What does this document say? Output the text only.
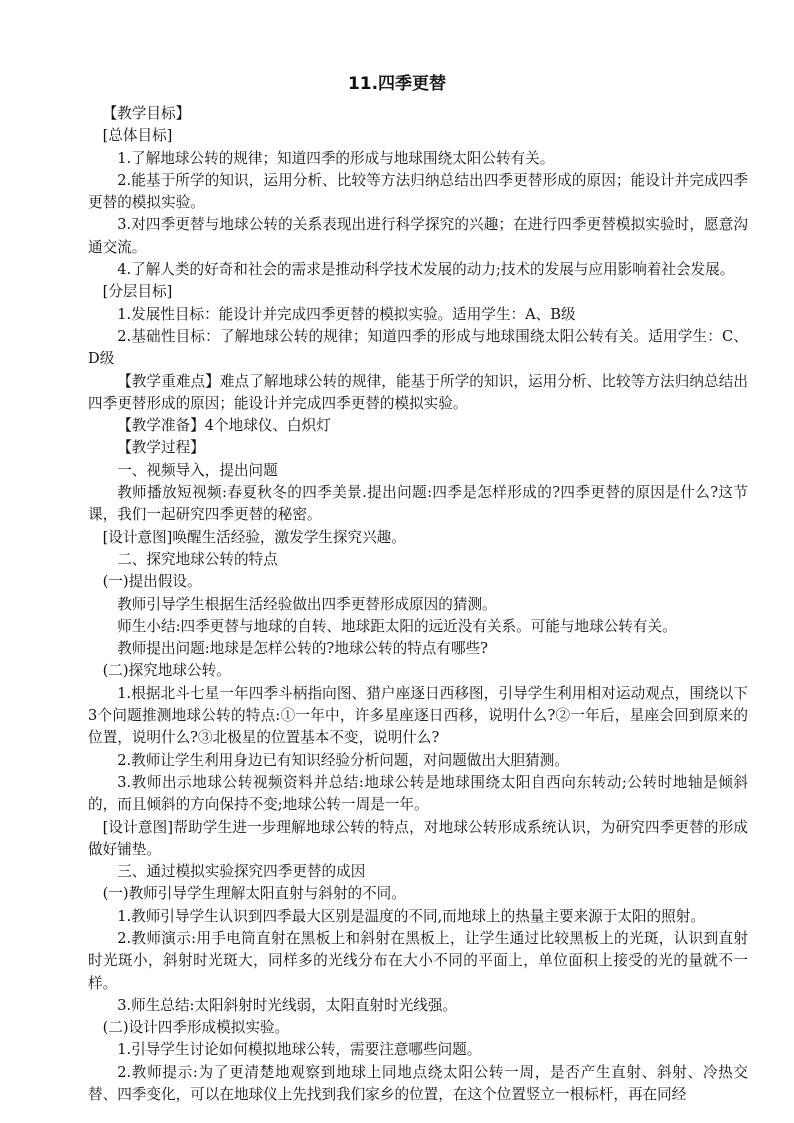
11.四季更替

【教学目标】

[总体目标]

1.了解地球公转的规律；知道四季的形成与地球围绕太阳公转有关。

2.能基于所学的知识，运用分析、比较等方法归纳总结出四季更替形成的原因；能设计并完成四季更替的模拟实验。

3.对四季更替与地球公转的关系表现出进行科学探究的兴趣；在进行四季更替模拟实验时，愿意沟通交流。

4.了解人类的好奇和社会的需求是推动科学技术发展的动力;技术的发展与应用影响着社会发展。

[分层目标]

1.发展性目标：能设计并完成四季更替的模拟实验。适用学生：A、B级

2.基础性目标：了解地球公转的规律；知道四季的形成与地球围绕太阳公转有关。适用学生：C、D级

【教学重难点】难点了解地球公转的规律，能基于所学的知识，运用分析、比较等方法归纳总结出四季更替形成的原因；能设计并完成四季更替的模拟实验。

【教学准备】4个地球仪、白炽灯

【教学过程】

一、视频导入，提出问题

教师播放短视频:春夏秋冬的四季美景.提出问题:四季是怎样形成的?四季更替的原因是什么?这节课，我们一起研究四季更替的秘密。

[设计意图]唤醒生活经验，激发学生探究兴趣。

二、探究地球公转的特点

(一)提出假设。

教师引导学生根据生活经验做出四季更替形成原因的猜测。

师生小结:四季更替与地球的自转、地球距太阳的远近没有关系。可能与地球公转有关。

教师提出问题:地球是怎样公转的?地球公转的特点有哪些?

(二)探究地球公转。

1.根据北斗七星一年四季斗柄指向图、猎户座逐日西移图，引导学生利用相对运动观点，围绕以下3个问题推测地球公转的特点:①一年中，许多星座逐日西移，说明什么?②一年后，星座会回到原来的位置，说明什么?③北极星的位置基本不变，说明什么?

2.教师让学生利用身边已有知识经验分析问题，对问题做出大胆猜测。

3.教师出示地球公转视频资料并总结:地球公转是地球围绕太阳自西向东转动;公转时地轴是倾斜的，而且倾斜的方向保持不变;地球公转一周是一年。

[设计意图]帮助学生进一步理解地球公转的特点，对地球公转形成系统认识，为研究四季更替的形成做好铺垫。

三、通过模拟实验探究四季更替的成因

(一)教师引导学生理解太阳直射与斜射的不同。

1.教师引导学生认识到四季最大区别是温度的不同,而地球上的热量主要来源于太阳的照射。

2.教师演示:用手电筒直射在黑板上和斜射在黑板上，让学生通过比较黑板上的光斑，认识到直射时光斑小，斜射时光斑大，同样多的光线分布在大小不同的平面上，单位面积上接受的光的量就不一样。

3.师生总结:太阳斜射时光线弱，太阳直射时光线强。

(二)设计四季形成模拟实验。

1.引导学生讨论如何模拟地球公转，需要注意哪些问题。

2.教师提示:为了更清楚地观察到地球上同地点绕太阳公转一周，是否产生直射、斜射、冷热交替、四季变化，可以在地球仪上先找到我们家乡的位置，在这个位置竖立一根标杆，再在同经
